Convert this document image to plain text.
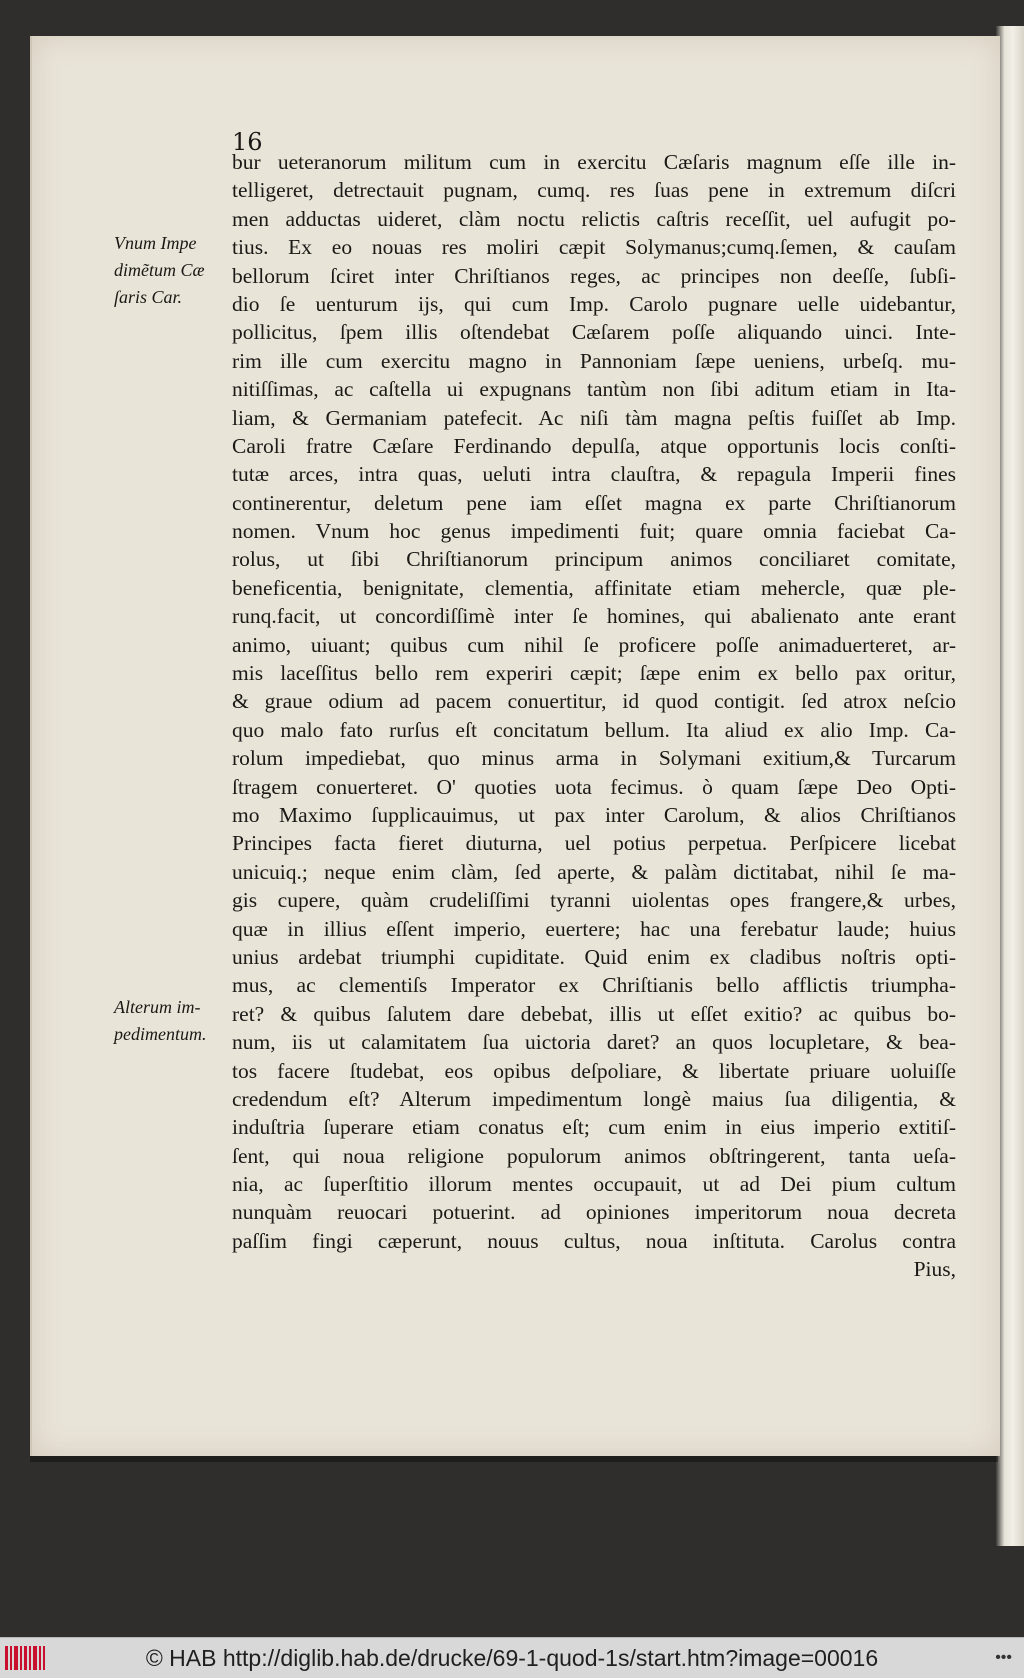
16
Vnum Impe
dimẽtum Cæ
ſaris Car.
Alterum im-
pedimentum.
bur ueteranorum militum cum in exercitu Cæſaris magnum eſſe ille in-
telligeret, detrectauit pugnam, cumq. res ſuas pene in extremum diſcri
men adductas uideret, clàm noctu relictis caſtris receſſit, uel aufugit po-
tius. Ex eo nouas res moliri cæpit Solymanus;cumq.ſemen, & cauſam
bellorum ſciret inter Chriſtianos reges, ac principes non deeſſe, ſubſi-
dio ſe uenturum ijs, qui cum Imp. Carolo pugnare uelle uidebantur,
pollicitus, ſpem illis oſtendebat Cæſarem poſſe aliquando uinci. Inte-
rim ille cum exercitu magno in Pannoniam ſæpe ueniens, urbeſq. mu-
nitiſſimas, ac caſtella ui expugnans tantùm non ſibi aditum etiam in Ita-
liam, & Germaniam patefecit. Ac niſi tàm magna peſtis fuiſſet ab Imp.
Caroli fratre Cæſare Ferdinando depulſa, atque opportunis locis conſti-
tutæ arces, intra quas, ueluti intra clauſtra, & repagula Imperii fines
continerentur, deletum pene iam eſſet magna ex parte Chriſtianorum
nomen. Vnum hoc genus impedimenti fuit; quare omnia faciebat Ca-
rolus, ut ſibi Chriſtianorum principum animos conciliaret comitate,
beneficentia, benignitate, clementia, affinitate etiam mehercle, quæ ple-
runq.facit, ut concordiſſimè inter ſe homines, qui abalienato ante erant
animo, uiuant; quibus cum nihil ſe proficere poſſe animaduerteret, ar-
mis laceſſitus bello rem experiri cæpit; ſæpe enim ex bello pax oritur,
& graue odium ad pacem conuertitur, id quod contigit. ſed atrox neſcio
quo malo fato rurſus eſt concitatum bellum. Ita aliud ex alio Imp. Ca-
rolum impediebat, quo minus arma in Solymani exitium,& Turcarum
ſtragem conuerteret. O' quoties uota fecimus. ò quam ſæpe Deo Opti-
mo Maximo ſupplicauimus, ut pax inter Carolum, & alios Chriſtianos
Principes facta fieret diuturna, uel potius perpetua. Perſpicere licebat
unicuiq.; neque enim clàm, ſed aperte, & palàm dictitabat, nihil ſe ma-
gis cupere, quàm crudeliſſimi tyranni uiolentas opes frangere,& urbes,
quæ in illius eſſent imperio, euertere; hac una ferebatur laude; huius
unius ardebat triumphi cupiditate. Quid enim ex cladibus noſtris opti-
mus, ac clementiſs Imperator ex Chriſtianis bello afflictis triumpha-
ret? & quibus ſalutem dare debebat, illis ut eſſet exitio? ac quibus bo-
num, iis ut calamitatem ſua uictoria daret? an quos locupletare, & bea-
tos facere ſtudebat, eos opibus deſpoliare, & libertate priuare uoluiſſe
credendum eſt? Alterum impedimentum longè maius ſua diligentia, &
induſtria ſuperare etiam conatus eſt; cum enim in eius imperio extitiſ-
ſent, qui noua religione populorum animos obſtringerent, tanta ueſa-
nia, ac ſuperſtitio illorum mentes occupauit, ut ad Dei pium cultum
nunquàm reuocari potuerint. ad opiniones imperitorum noua decreta
paſſim fingi cæperunt, nouus cultus, noua inſtituta. Carolus contra
Pius,
© HAB http://diglib.hab.de/drucke/69-1-quod-1s/start.htm?image=00016	•••
